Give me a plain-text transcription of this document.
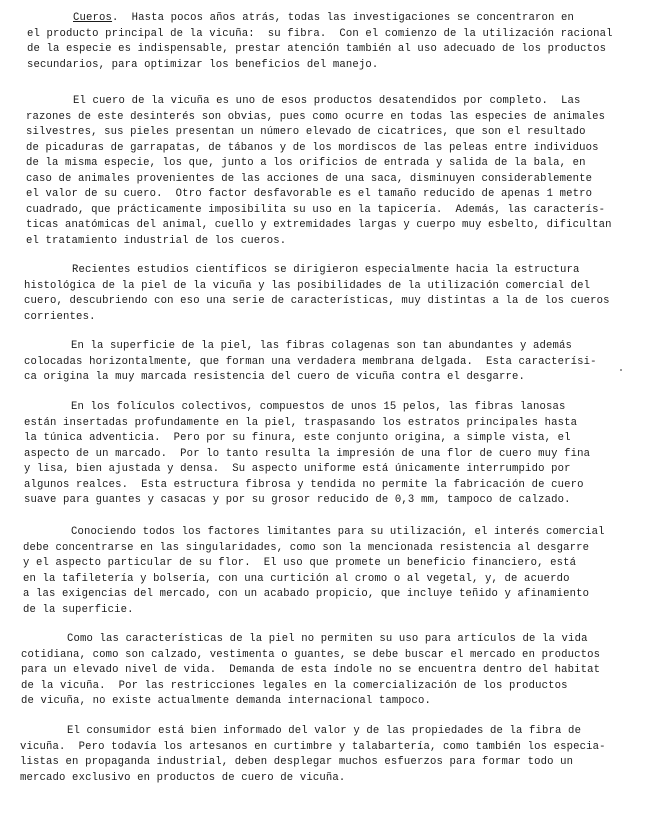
Cueros.  Hasta pocos años atrás, todas las investigaciones se concentraron en
el producto principal de la vicuña:  su fibra.  Con el comienzo de la utilización racional
de la especie es indispensable, prestar atención también al uso adecuado de los productos
secundarios, para optimizar los beneficios del manejo.
El cuero de la vicuña es uno de esos productos desatendidos por completo.  Las
razones de este desinterés son obvias, pues como ocurre en todas las especies de animales
silvestres, sus pieles presentan un número elevado de cicatrices, que son el resultado
de picaduras de garrapatas, de tábanos y de los mordiscos de las peleas entre individuos
de la misma especie, los que, junto a los orificios de entrada y salida de la bala, en
caso de animales provenientes de las acciones de una saca, disminuyen considerablemente
el valor de su cuero.  Otro factor desfavorable es el tamaño reducido de apenas 1 metro
cuadrado, que prácticamente imposibilita su uso en la tapicería.  Además, las caracterís-
ticas anatómicas del animal, cuello y extremidades largas y cuerpo muy esbelto, dificultan
el tratamiento industrial de los cueros.
Recientes estudios científicos se dirigieron especialmente hacia la estructura
histológica de la piel de la vicuña y las posibilidades de la utilización comercial del
cuero, descubriendo con eso una serie de características, muy distintas a la de los cueros
corrientes.
En la superficie de la piel, las fibras colagenas son tan abundantes y además
colocadas horizontalmente, que forman una verdadera membrana delgada.  Esta caracterísi-
ca origina la muy marcada resistencia del cuero de vicuña contra el desgarre.
En los folículos colectivos, compuestos de unos 15 pelos, las fibras lanosas
están insertadas profundamente en la piel, traspasando los estratos principales hasta
la túnica adventicia.  Pero por su finura, este conjunto origina, a simple vista, el
aspecto de un marcado.  Por lo tanto resulta la impresión de una flor de cuero muy fina
y lisa, bien ajustada y densa.  Su aspecto uniforme está únicamente interrumpido por
algunos realces.  Esta estructura fibrosa y tendida no permite la fabricación de cuero
suave para guantes y casacas y por su grosor reducido de 0,3 mm, tampoco de calzado.
Conociendo todos los factores limitantes para su utilización, el interés comercial
debe concentrarse en las singularidades, como son la mencionada resistencia al desgarre
y el aspecto particular de su flor.  El uso que promete un beneficio financiero, está
en la tafiletería y bolsería, con una curtición al cromo o al vegetal, y, de acuerdo
a las exigencias del mercado, con un acabado propicio, que incluye teñido y afinamiento
de la superficie.
Como las características de la piel no permiten su uso para artículos de la vida
cotidiana, como son calzado, vestimenta o guantes, se debe buscar el mercado en productos
para un elevado nivel de vida.  Demanda de esta índole no se encuentra dentro del habitat
de la vicuña.  Por las restricciones legales en la comercialización de los productos
de vicuña, no existe actualmente demanda internacional tampoco.
El consumidor está bien informado del valor y de las propiedades de la fibra de
vicuña.  Pero todavía los artesanos en curtimbre y talabartería, como también los especia-
listas en propaganda industrial, deben desplegar muchos esfuerzos para formar todo un
mercado exclusivo en productos de cuero de vicuña.
